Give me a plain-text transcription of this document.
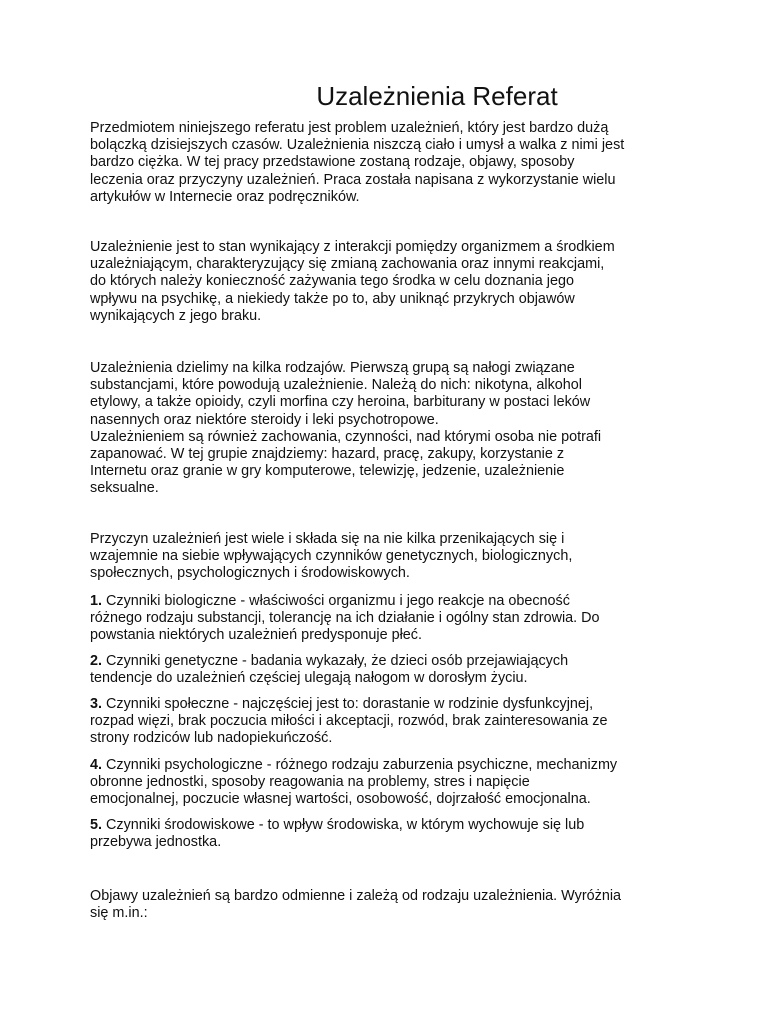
Uzależnienia Referat

Przedmiotem niniejszego referatu jest problem uzależnień, który jest bardzo dużą
bolączką dzisiejszych czasów. Uzależnienia niszczą ciało i umysł a walka z nimi jest
bardzo ciężka. W tej pracy przedstawione zostaną rodzaje, objawy, sposoby
leczenia oraz przyczyny uzależnień. Praca została napisana z wykorzystanie wielu
artykułów w Internecie oraz podręczników.

Uzależnienie jest to stan wynikający z interakcji pomiędzy organizmem a środkiem
uzależniającym, charakteryzujący się zmianą zachowania oraz innymi reakcjami,
do których należy konieczność zażywania tego środka w celu doznania jego
wpływu na psychikę, a niekiedy także po to, aby uniknąć przykrych objawów
wynikających z jego braku.

Uzależnienia dzielimy na kilka rodzajów. Pierwszą grupą są nałogi związane
substancjami, które powodują uzależnienie. Należą do nich: nikotyna, alkohol
etylowy, a także opioidy, czyli morfina czy heroina, barbiturany w postaci leków
nasennych oraz niektóre steroidy i leki psychotropowe.
Uzależnieniem są również zachowania, czynności, nad którymi osoba nie potrafi
zapanować. W tej grupie znajdziemy: hazard, pracę, zakupy, korzystanie z
Internetu oraz granie w gry komputerowe, telewizję, jedzenie, uzależnienie
seksualne.

Przyczyn uzależnień jest wiele i składa się na nie kilka przenikających się i
wzajemnie na siebie wpływających czynników genetycznych, biologicznych,
społecznych, psychologicznych i środowiskowych.

1. Czynniki biologiczne - właściwości organizmu i jego reakcje na obecność
różnego rodzaju substancji, tolerancję na ich działanie i ogólny stan zdrowia. Do
powstania niektórych uzależnień predysponuje płeć.

2. Czynniki genetyczne - badania wykazały, że dzieci osób przejawiających
tendencje do uzależnień częściej ulegają nałogom w dorosłym życiu.

3. Czynniki społeczne - najczęściej jest to: dorastanie w rodzinie dysfunkcyjnej,
rozpad więzi, brak poczucia miłości i akceptacji, rozwód, brak zainteresowania ze
strony rodziców lub nadopiekuńczość.

4. Czynniki psychologiczne - różnego rodzaju zaburzenia psychiczne, mechanizmy
obronne jednostki, sposoby reagowania na problemy, stres i napięcie
emocjonalnej, poczucie własnej wartości, osobowość, dojrzałość emocjonalna.

5. Czynniki środowiskowe - to wpływ środowiska, w którym wychowuje się lub
przebywa jednostka.

Objawy uzależnień są bardzo odmienne i zależą od rodzaju uzależnienia. Wyróżnia
się m.in.:
